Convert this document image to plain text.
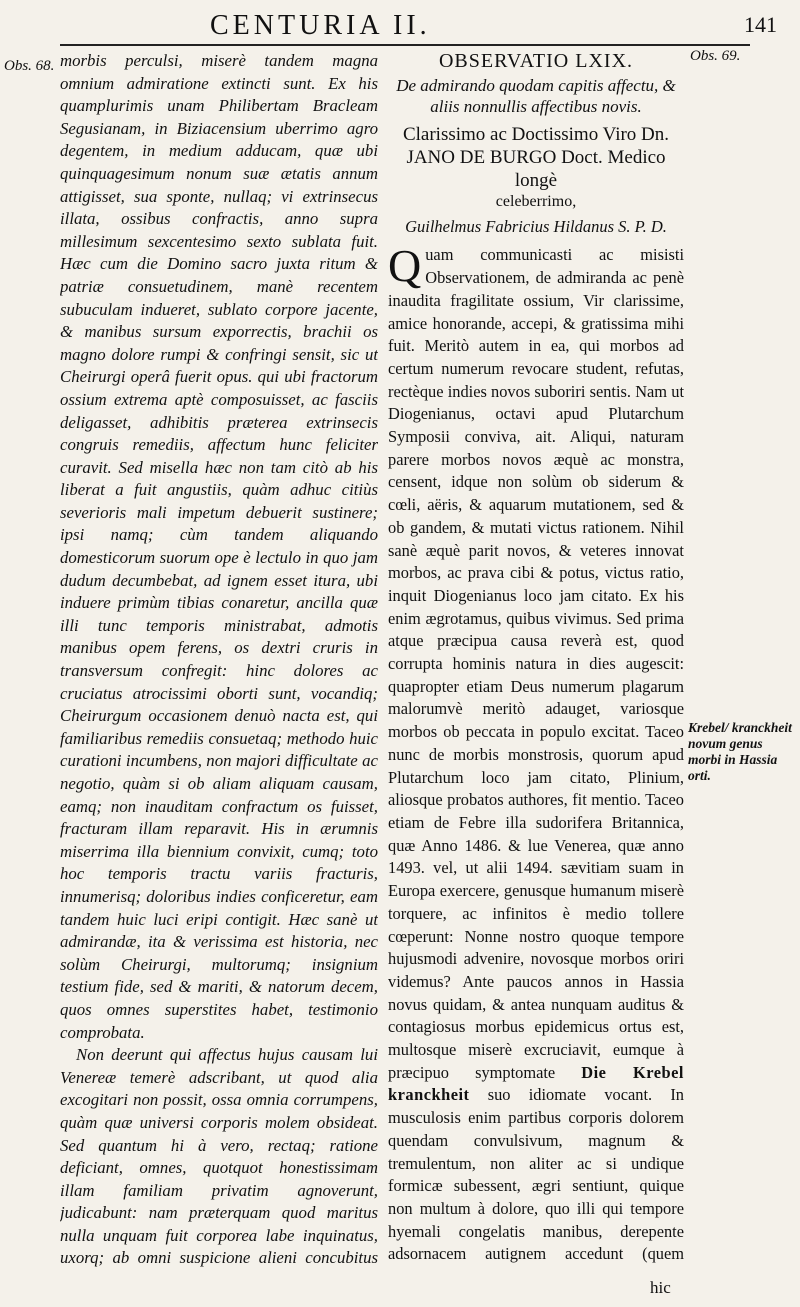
CENTURIA II.	141
Obs. 68.
Obs. 69.
Krebel/ kranckheit novum genus morbi in Hassia orti.

morbis perculsi, miserè tandem magna omnium admiratione extincti sunt. Ex his quamplurimis unam Philibertam Bracleam Segusianam, in Biziacensium uberrimo agro degentem, in medium adducam, quæ ubi quinquagesimum nonum suæ ætatis annum attigisset, sua sponte, nullaq; vi extrinsecus illata, ossibus confractis, anno supra millesimum sexcentesimo sexto sublata fuit. Hæc cum die Domino sacro juxta ritum & patriæ consuetudinem, manè recentem subuculam indueret, sublato corpore jacente, & manibus sursum exporrectis, brachii os magno dolore rumpi & confringi sensit, sic ut Cheirurgi operâ fuerit opus. qui ubi fractorum ossium extrema aptè composuisset, ac fasciis deligasset, adhibitis præterea extrinsecis congruis remediis, affectum hunc feliciter curavit. Sed misella hæc non tam citò ab his liberat a fuit angustiis, quàm adhuc citiùs severioris mali impetum debuerit sustinere; ipsi namq; cùm tandem aliquando domesticorum suorum ope è lectulo in quo jam dudum decumbebat, ad ignem esset itura, ubi induere primùm tibias conaretur, ancilla quæ illi tunc temporis ministrabat, admotis manibus opem ferens, os dextri cruris in transversum confregit: hinc dolores ac cruciatus atrocissimi oborti sunt, vocandiq; Cheirurgum occasionem denuò nacta est, qui familiaribus remediis consuetaq; methodo huic curationi incumbens, non majori difficultate ac negotio, quàm si ob aliam aliquam causam, eamq; non inauditam confractum os fuisset, fracturam illam reparavit. His in ærumnis miserrima illa biennium convixit, cumq; toto hoc temporis tractu variis fracturis, innumerisq; doloribus indies conficeretur, eam tandem huic luci eripi contigit. Hæc sanè ut admirandæ, ita & verissima est historia, nec solùm Cheirurgi, multorumq; insignium testium fide, sed & mariti, & natorum decem, quos omnes superstites habet, testimonio comprobata.

Non deerunt qui affectus hujus causam lui Venereæ temerè adscribant, ut quod alia excogitari non possit, ossa omnia corrumpens, quàm quæ universi corporis molem obsideat. Sed quantum hi à vero, rectaq; ratione deficiant, omnes, quotquot honestissimam illam familiam privatim agnoverunt, judicabunt: nam præterquam quod maritus nulla unquam fuit corporea labe inquinatus, uxorq; ab omni suspicione alieni concubitus

OBSERVATIO LXIX.
De admirando quodam capitis affectu, & aliis nonnullis affectibus novis.
Clarissimo ac Doctissimo Viro Dn. JANO DE BURGO Doct. Medico longè
celeberrimo,
Guilhelmus Fabricius Hildanus S. P. D.

Quam communicasti ac misisti Observationem, de admiranda ac penè inaudita fragilitate ossium, Vir clarissime, amice honorande, accepi, & gratissima mihi fuit. Meritò autem in ea, qui morbos ad certum numerum revocare student, refutas, rectèque indies novos suboriri sentis. Nam ut Diogenianus, octavi apud Plutarchum Symposii conviva, ait. Aliqui, naturam parere morbos novos æquè ac monstra, censent, idque non solùm ob siderum & cœli, aëris, & aquarum mutationem, sed & ob gandem, & mutati victus rationem. Nihil sanè æquè parit novos, & veteres innovat morbos, ac prava cibi & potus, victus ratio, inquit Diogenianus loco jam citato. Ex his enim ægrotamus, quibus vivimus. Sed prima atque præcipua causa reverà est, quod corrupta hominis natura in dies augescit: quapropter etiam Deus numerum plagarum malorumvè meritò adauget, variosque morbos ob peccata in populo excitat. Taceo nunc de morbis monstrosis, quorum apud Plutarchum loco jam citato, Plinium, aliosque probatos authores, fit mentio. Taceo etiam de Febre illa sudorifera Britannica, quæ Anno 1486. & lue Venerea, quæ anno 1493. vel, ut alii 1494. sævitiam suam in Europa exercere, genusque humanum miserè torquere, ac infinitos è medio tollere cœperunt: Nonne nostro quoque tempore hujusmodi advenire, novosque morbos oriri videmus? Ante paucos annos in Hassia novus quidam, & antea nunquam auditus & contagiosus morbus epidemicus ortus est, multosque miserè excruciavit, eumque à præcipuo symptomate Die Krebel kranckheit suo idiomate vocant. In musculosis enim partibus corporis dolorem quendam convulsivum, magnum & tremulentum, non aliter ac si undique formicæ subessent, ægri sentiunt, quique non multum à dolore, quo illi qui tempore hyemali congelatis manibus, derepente adsornacem autignem accedunt (quem

hic
